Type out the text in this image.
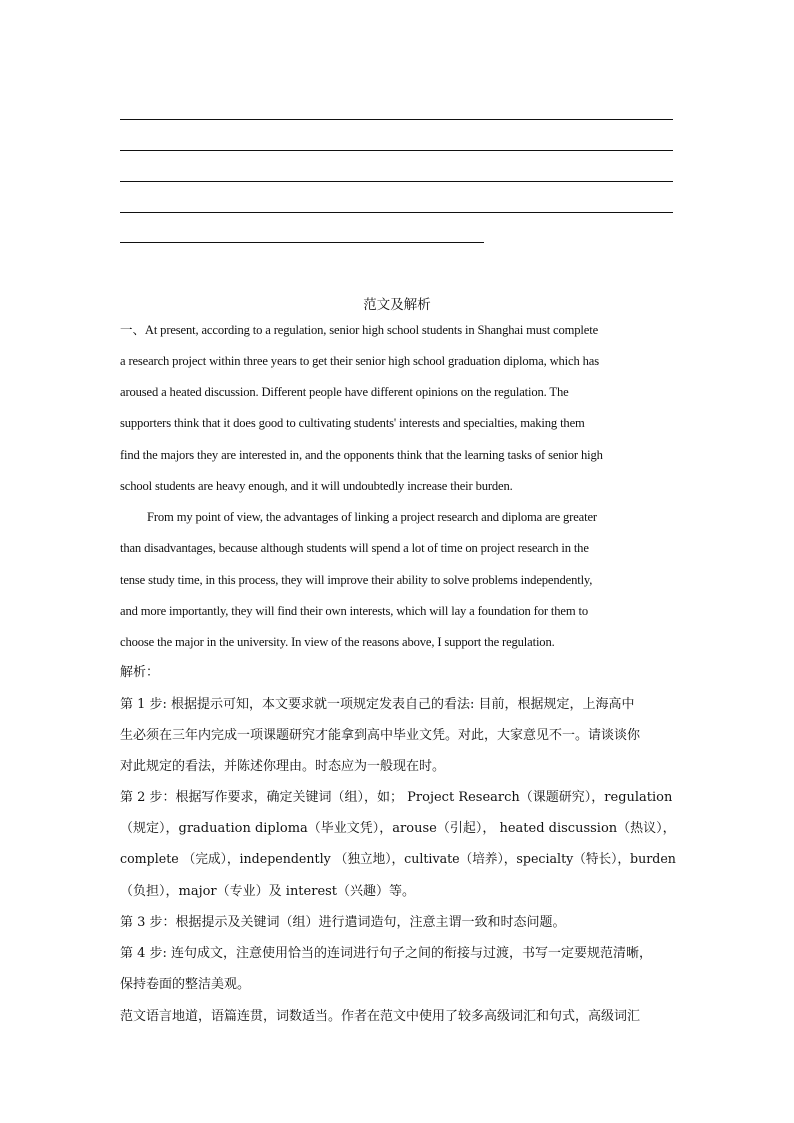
范文及解析
一、At present, according to a regulation, senior high school students in Shanghai must complete
a research project within three years to get their senior high school graduation diploma, which has
aroused a heated discussion. Different people have different opinions on the regulation. The
supporters think that it does good to cultivating students' interests and specialties, making them
find the majors they are interested in, and the opponents think that the learning tasks of senior high
school students are heavy enough, and it will undoubtedly increase their burden.
From my point of view, the advantages of linking a project research and diploma are greater
than disadvantages, because although students will spend a lot of time on project research in the
tense study time, in this process, they will improve their ability to solve problems independently,
and more importantly, they will find their own interests, which will lay a foundation for them to
choose the major in the university. In view of the reasons above, I support the regulation.
解析：
第 1 步: 根据提示可知，本文要求就一项规定发表自己的看法: 目前，根据规定，上海高中
生必须在三年内完成一项课题研究才能拿到高中毕业文凭。对此，大家意见不一。请谈谈你
对此规定的看法，并陈述你理由。时态应为一般现在时。
第 2 步：根据写作要求，确定关键词（组），如； Project Research（课题研究），regulation
（规定），graduation diploma（毕业文凭），arouse（引起）， heated discussion（热议），
complete （完成），independently （独立地），cultivate（培养），specialty（特长），burden
（负担），major（专业）及 interest（兴趣）等。
第 3 步：根据提示及关键词（组）进行遣词造句，注意主谓一致和时态问题。
第 4 步: 连句成文，注意使用恰当的连词进行句子之间的衔接与过渡，书写一定要规范清晰，
保持卷面的整洁美观。
范文语言地道，语篇连贯，词数适当。作者在范文中使用了较多高级词汇和句式，高级词汇
